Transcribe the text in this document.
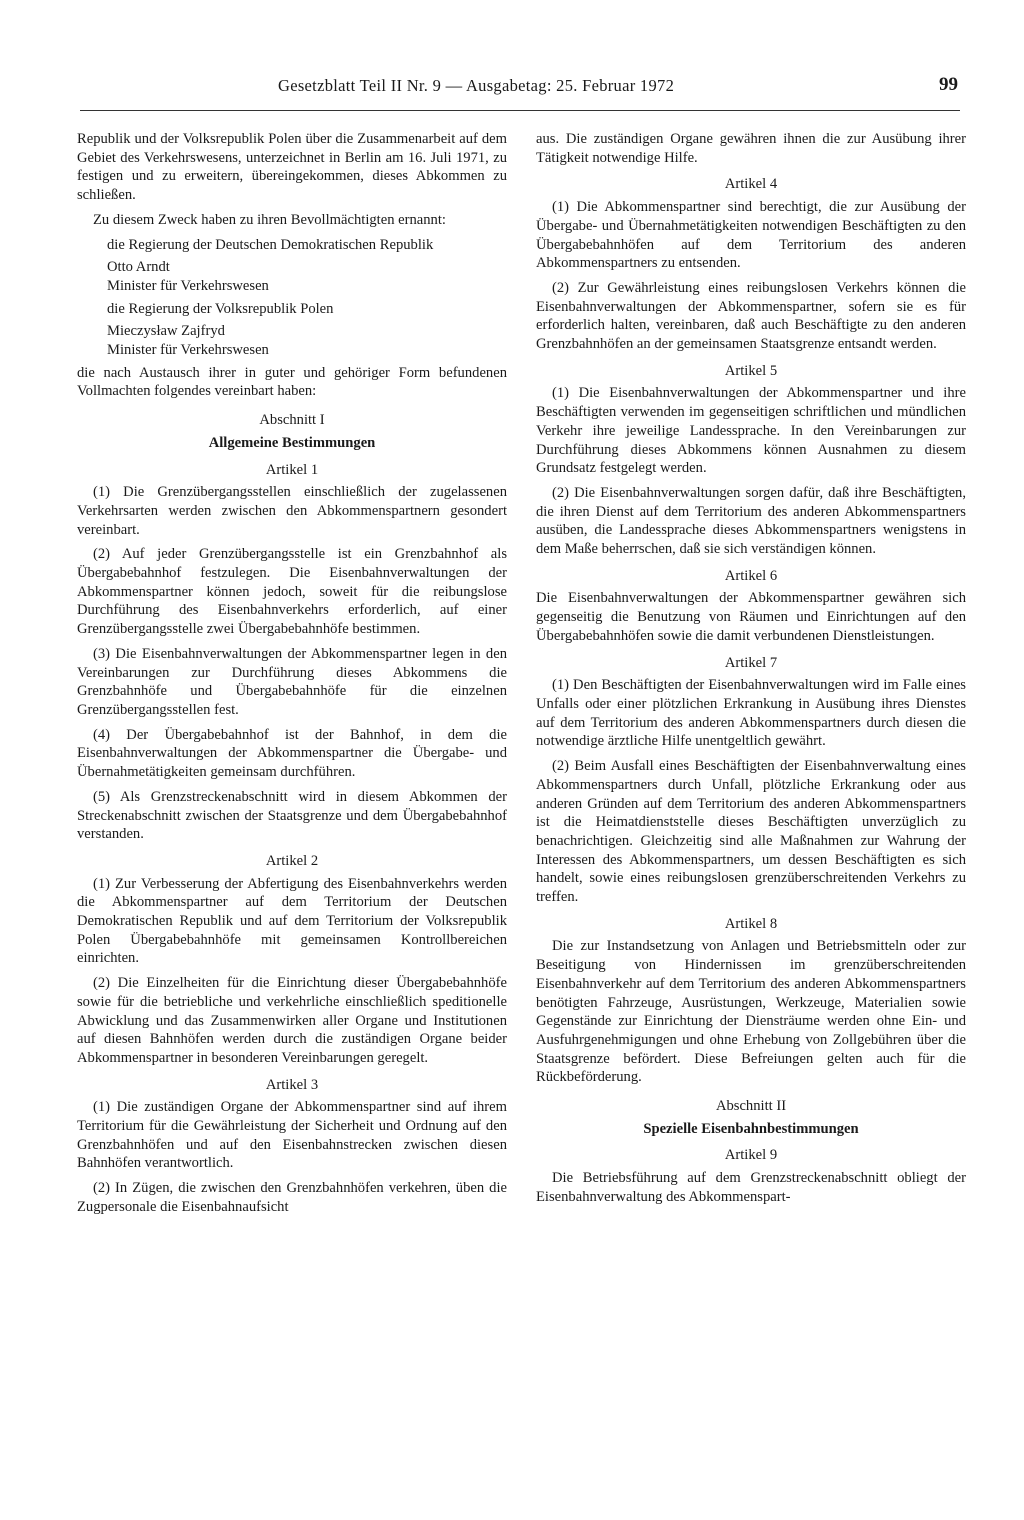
Gesetzblatt Teil II Nr. 9 — Ausgabetag: 25. Februar 1972	99

Republik und der Volksrepublik Polen über die Zusammenarbeit auf dem Gebiet des Verkehrswesens, unterzeichnet in Berlin am 16. Juli 1971, zu festigen und zu erweitern, übereingekommen, dieses Abkommen zu schließen.

Zu diesem Zweck haben zu ihren Bevollmächtigten ernannt:

die Regierung der Deutschen Demokratischen Republik

Otto Arndt

Minister für Verkehrswesen

die Regierung der Volksrepublik Polen

Mieczysław Zajfryd

Minister für Verkehrswesen

die nach Austausch ihrer in guter und gehöriger Form befundenen Vollmachten folgendes vereinbart haben:

Abschnitt I

Allgemeine Bestimmungen

Artikel 1

(1) Die Grenzübergangsstellen einschließlich der zugelassenen Verkehrsarten werden zwischen den Abkommenspartnern gesondert vereinbart.

(2) Auf jeder Grenzübergangsstelle ist ein Grenzbahnhof als Übergabebahnhof festzulegen. Die Eisenbahnverwaltungen der Abkommenspartner können jedoch, soweit für die reibungslose Durchführung des Eisenbahnverkehrs erforderlich, auf einer Grenzübergangsstelle zwei Übergabebahnhöfe bestimmen.

(3) Die Eisenbahnverwaltungen der Abkommenspartner legen in den Vereinbarungen zur Durchführung dieses Abkommens die Grenzbahnhöfe und Übergabebahnhöfe für die einzelnen Grenzübergangsstellen fest.

(4) Der Übergabebahnhof ist der Bahnhof, in dem die Eisenbahnverwaltungen der Abkommenspartner die Übergabe- und Übernahmetätigkeiten gemeinsam durchführen.

(5) Als Grenzstreckenabschnitt wird in diesem Abkommen der Streckenabschnitt zwischen der Staatsgrenze und dem Übergabebahnhof verstanden.

Artikel 2

(1) Zur Verbesserung der Abfertigung des Eisenbahnverkehrs werden die Abkommenspartner auf dem Territorium der Deutschen Demokratischen Republik und auf dem Territorium der Volksrepublik Polen Übergabebahnhöfe mit gemeinsamen Kontrollbereichen einrichten.

(2) Die Einzelheiten für die Einrichtung dieser Übergabebahnhöfe sowie für die betriebliche und verkehrliche einschließlich speditionelle Abwicklung und das Zusammenwirken aller Organe und Institutionen auf diesen Bahnhöfen werden durch die zuständigen Organe beider Abkommenspartner in besonderen Vereinbarungen geregelt.

Artikel 3

(1) Die zuständigen Organe der Abkommenspartner sind auf ihrem Territorium für die Gewährleistung der Sicherheit und Ordnung auf den Grenzbahnhöfen und auf den Eisenbahnstrecken zwischen diesen Bahnhöfen verantwortlich.

(2) In Zügen, die zwischen den Grenzbahnhöfen verkehren, üben die Zugpersonale die Eisenbahnaufsicht

aus. Die zuständigen Organe gewähren ihnen die zur Ausübung ihrer Tätigkeit notwendige Hilfe.

Artikel 4

(1) Die Abkommenspartner sind berechtigt, die zur Ausübung der Übergabe- und Übernahmetätigkeiten notwendigen Beschäftigten zu den Übergabebahnhöfen auf dem Territorium des anderen Abkommenspartners zu entsenden.

(2) Zur Gewährleistung eines reibungslosen Verkehrs können die Eisenbahnverwaltungen der Abkommenspartner, sofern sie es für erforderlich halten, vereinbaren, daß auch Beschäftigte zu den anderen Grenzbahnhöfen an der gemeinsamen Staatsgrenze entsandt werden.

Artikel 5

(1) Die Eisenbahnverwaltungen der Abkommenspartner und ihre Beschäftigten verwenden im gegenseitigen schriftlichen und mündlichen Verkehr ihre jeweilige Landessprache. In den Vereinbarungen zur Durchführung dieses Abkommens können Ausnahmen zu diesem Grundsatz festgelegt werden.

(2) Die Eisenbahnverwaltungen sorgen dafür, daß ihre Beschäftigten, die ihren Dienst auf dem Territorium des anderen Abkommenspartners ausüben, die Landessprache dieses Abkommenspartners wenigstens in dem Maße beherrschen, daß sie sich verständigen können.

Artikel 6

Die Eisenbahnverwaltungen der Abkommenspartner gewähren sich gegenseitig die Benutzung von Räumen und Einrichtungen auf den Übergabebahnhöfen sowie die damit verbundenen Dienstleistungen.

Artikel 7

(1) Den Beschäftigten der Eisenbahnverwaltungen wird im Falle eines Unfalls oder einer plötzlichen Erkrankung in Ausübung ihres Dienstes auf dem Territorium des anderen Abkommenspartners durch diesen die notwendige ärztliche Hilfe unentgeltlich gewährt.

(2) Beim Ausfall eines Beschäftigten der Eisenbahnverwaltung eines Abkommenspartners durch Unfall, plötzliche Erkrankung oder aus anderen Gründen auf dem Territorium des anderen Abkommenspartners ist die Heimatdienststelle dieses Beschäftigten unverzüglich zu benachrichtigen. Gleichzeitig sind alle Maßnahmen zur Wahrung der Interessen des Abkommenspartners, um dessen Beschäftigten es sich handelt, sowie eines reibungslosen grenzüberschreitenden Verkehrs zu treffen.

Artikel 8

Die zur Instandsetzung von Anlagen und Betriebsmitteln oder zur Beseitigung von Hindernissen im grenzüberschreitenden Eisenbahnverkehr auf dem Territorium des anderen Abkommenspartners benötigten Fahrzeuge, Ausrüstungen, Werkzeuge, Materialien sowie Gegenstände zur Einrichtung der Diensträume werden ohne Ein- und Ausfuhrgenehmigungen und ohne Erhebung von Zollgebühren über die Staatsgrenze befördert. Diese Befreiungen gelten auch für die Rückbeförderung.

Abschnitt II

Spezielle Eisenbahnbestimmungen

Artikel 9

Die Betriebsführung auf dem Grenzstreckenabschnitt obliegt der Eisenbahnverwaltung des Abkommenspart-
